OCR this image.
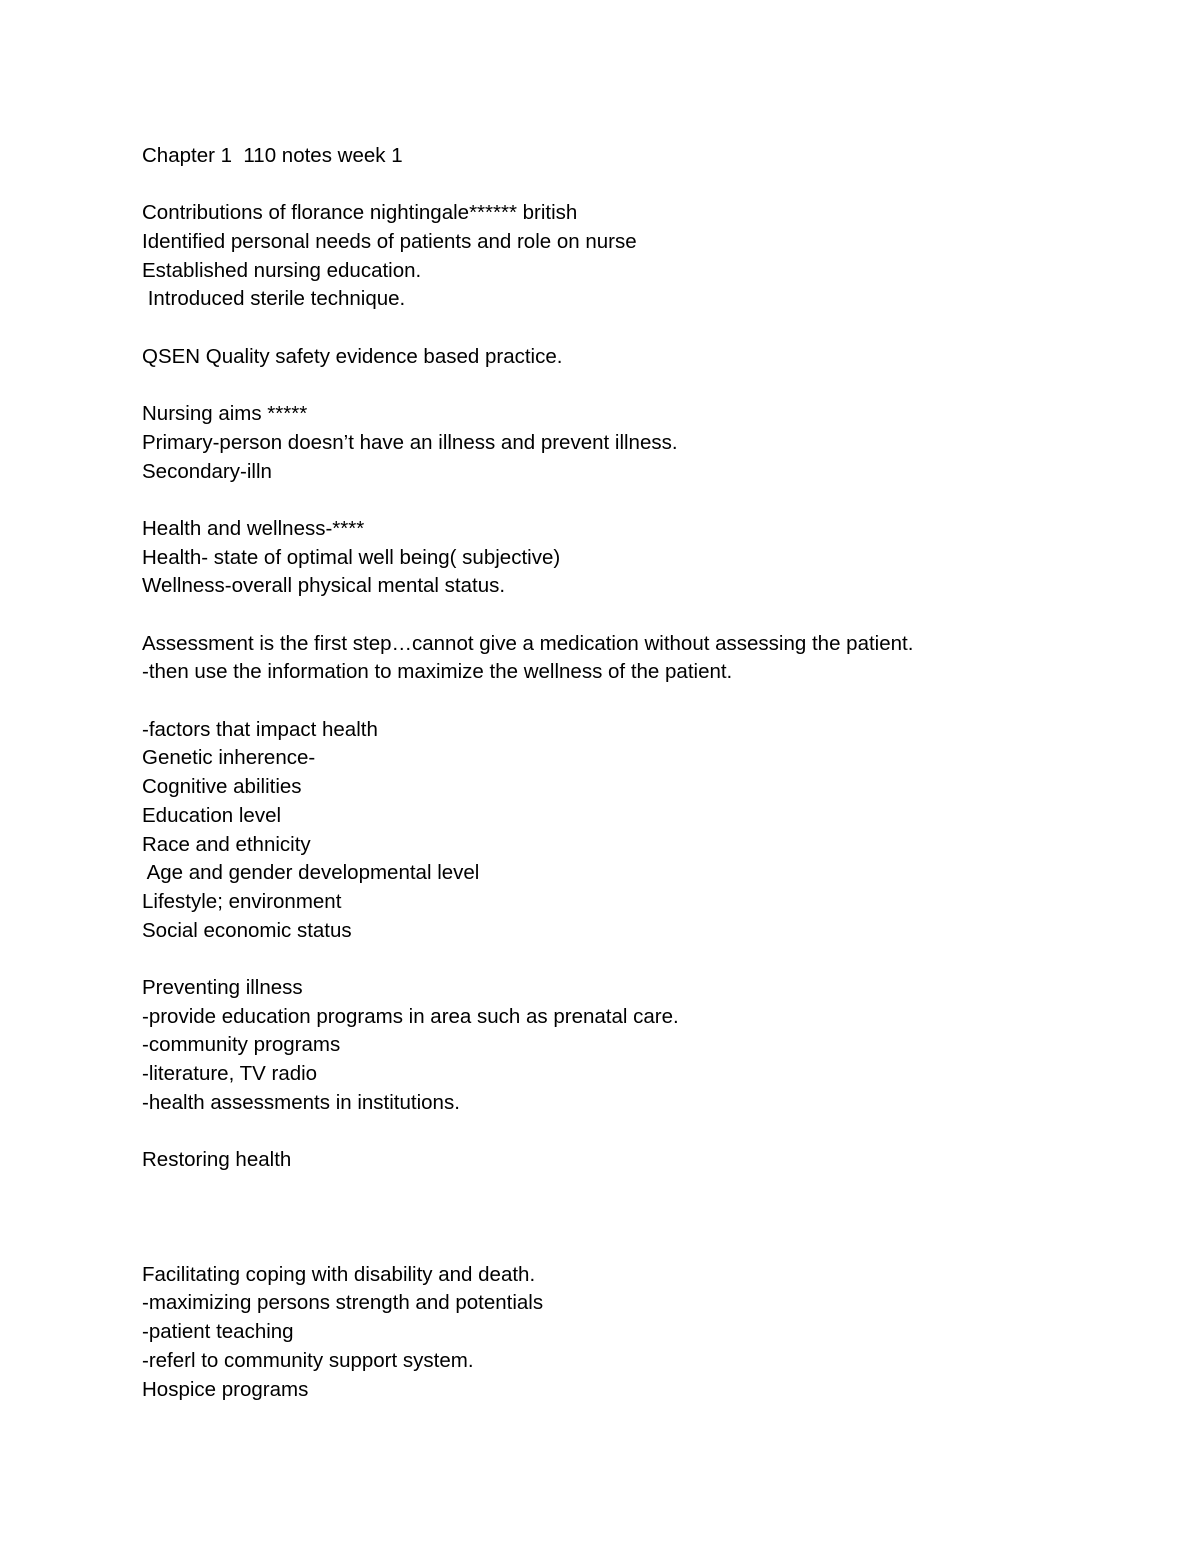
Chapter 1  110 notes week 1
Contributions of florance nightingale****** british
Identified personal needs of patients and role on nurse
Established nursing education.
Introduced sterile technique.
QSEN Quality safety evidence based practice.
Nursing aims *****
Primary-person doesn’t have an illness and prevent illness.
Secondary-illn
Health and wellness-****
Health- state of optimal well being( subjective)
Wellness-overall physical mental status.
Assessment is the first step…cannot give a medication without assessing the patient.
-then use the information to maximize the wellness of the patient.
-factors that impact health
Genetic inherence-
Cognitive abilities
Education level
Race and ethnicity
Age and gender developmental level
Lifestyle; environment
Social economic status
Preventing illness
-provide education programs in area such as prenatal care.
-community programs
-literature, TV radio
-health assessments in institutions.
Restoring health
Facilitating coping with disability and death.
-maximizing persons strength and potentials
-patient teaching
-referl to community support system.
Hospice programs
